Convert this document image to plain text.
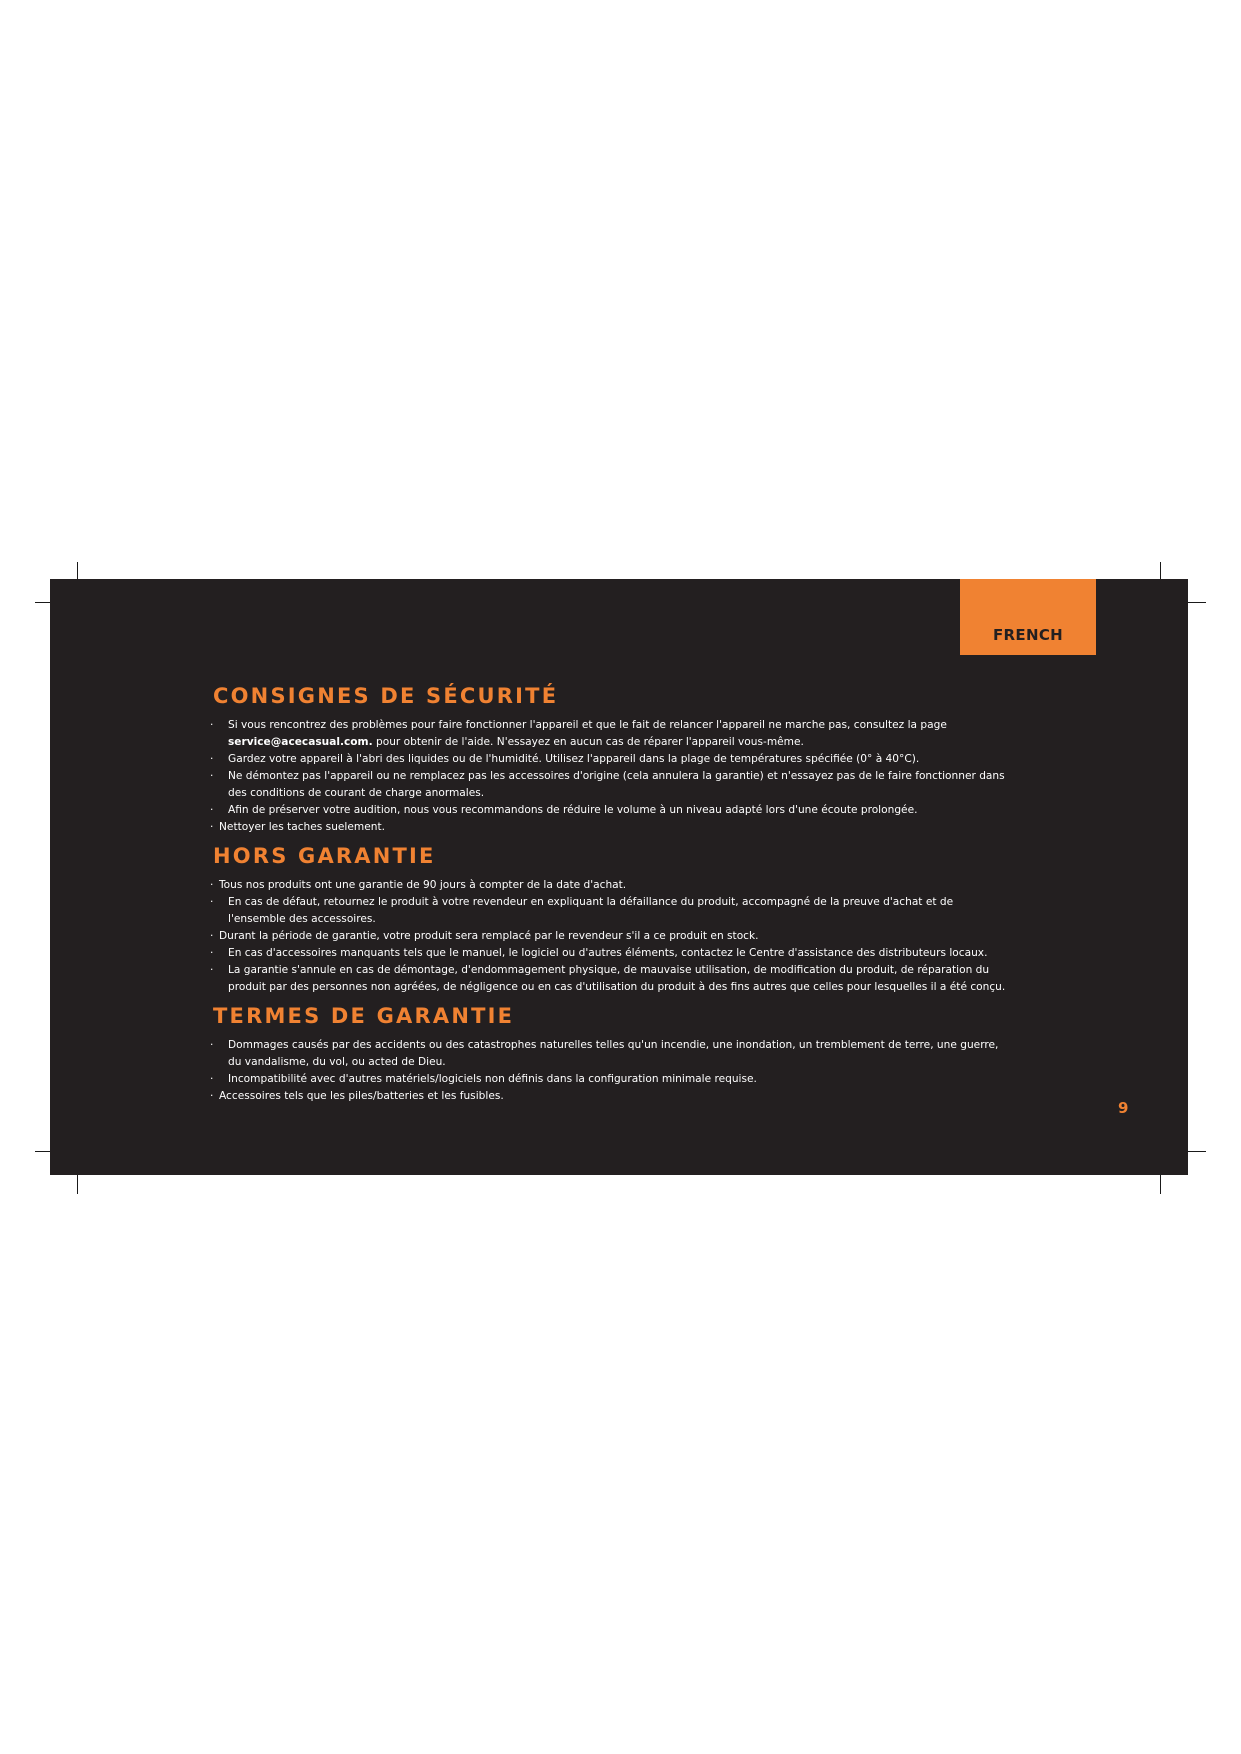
FRENCH
CONSIGNES DE SÉCURITÉ
· Si vous rencontrez des problèmes pour faire fonctionner l'appareil et que le fait de relancer l'appareil ne marche pas, consultez la page
service@acecasual.com. pour obtenir de l'aide. N'essayez en aucun cas de réparer l'appareil vous-même.
· Gardez votre appareil à l'abri des liquides ou de l'humidité. Utilisez l'appareil dans la plage de températures spécifiée (0° à 40°C).
· Ne démontez pas l'appareil ou ne remplacez pas les accessoires d'origine (cela annulera la garantie) et n'essayez pas de le faire fonctionner dans
des conditions de courant de charge anormales.
· Afin de préserver votre audition, nous vous recommandons de réduire le volume à un niveau adapté lors d'une écoute prolongée.
· Nettoyer les taches suelement.
HORS GARANTIE
· Tous nos produits ont une garantie de 90 jours à compter de la date d'achat.
· En cas de défaut, retournez le produit à votre revendeur en expliquant la défaillance du produit, accompagné de la preuve d'achat et de
l'ensemble des accessoires.
· Durant la période de garantie, votre produit sera remplacé par le revendeur s'il a ce produit en stock.
· En cas d'accessoires manquants tels que le manuel, le logiciel ou d'autres éléments, contactez le Centre d'assistance des distributeurs locaux.
· La garantie s'annule en cas de démontage, d'endommagement physique, de mauvaise utilisation, de modification du produit, de réparation du
produit par des personnes non agréées, de négligence ou en cas d'utilisation du produit à des fins autres que celles pour lesquelles il a été conçu.
TERMES DE GARANTIE
· Dommages causés par des accidents ou des catastrophes naturelles telles qu'un incendie, une inondation, un tremblement de terre, une guerre,
du vandalisme, du vol, ou acted de Dieu.
· Incompatibilité avec d'autres matériels/logiciels non définis dans la configuration minimale requise.
· Accessoires tels que les piles/batteries et les fusibles.
9
